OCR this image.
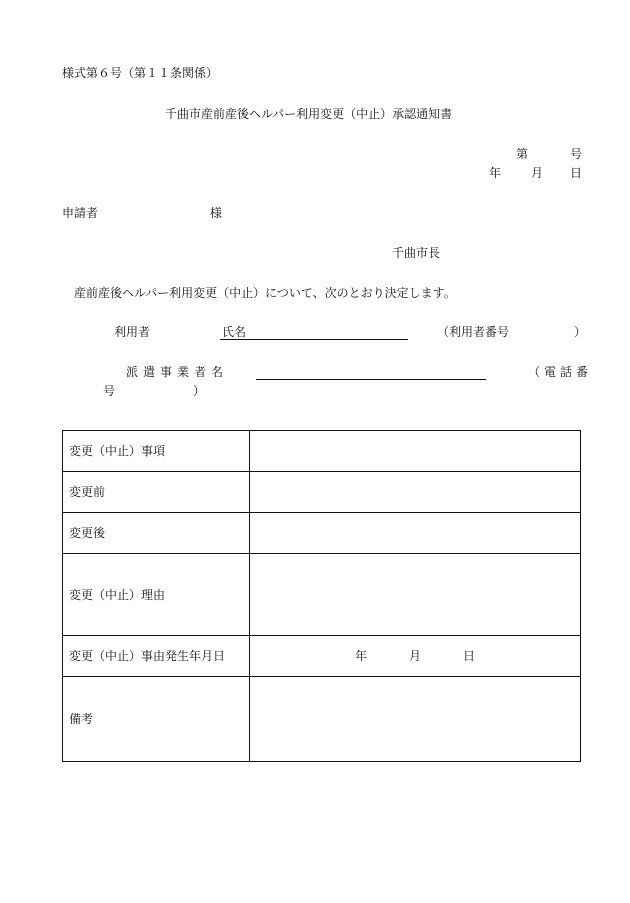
様式第６号（第１１条関係）
千曲市産前産後ヘルパー利用変更（中止）承認通知書
第	号
年 月 日
申請者	様
千曲市長
産前産後ヘルパー利用変更（中止）について、次のとおり決定します。
利用者	氏名	（利用者番号	）
派遣事業者名	（電話番
号	）
変更（中止）事項	
変更前	
変更後	
変更（中止）理由	
変更（中止）事由発生年月日	年 月 日
備考	
